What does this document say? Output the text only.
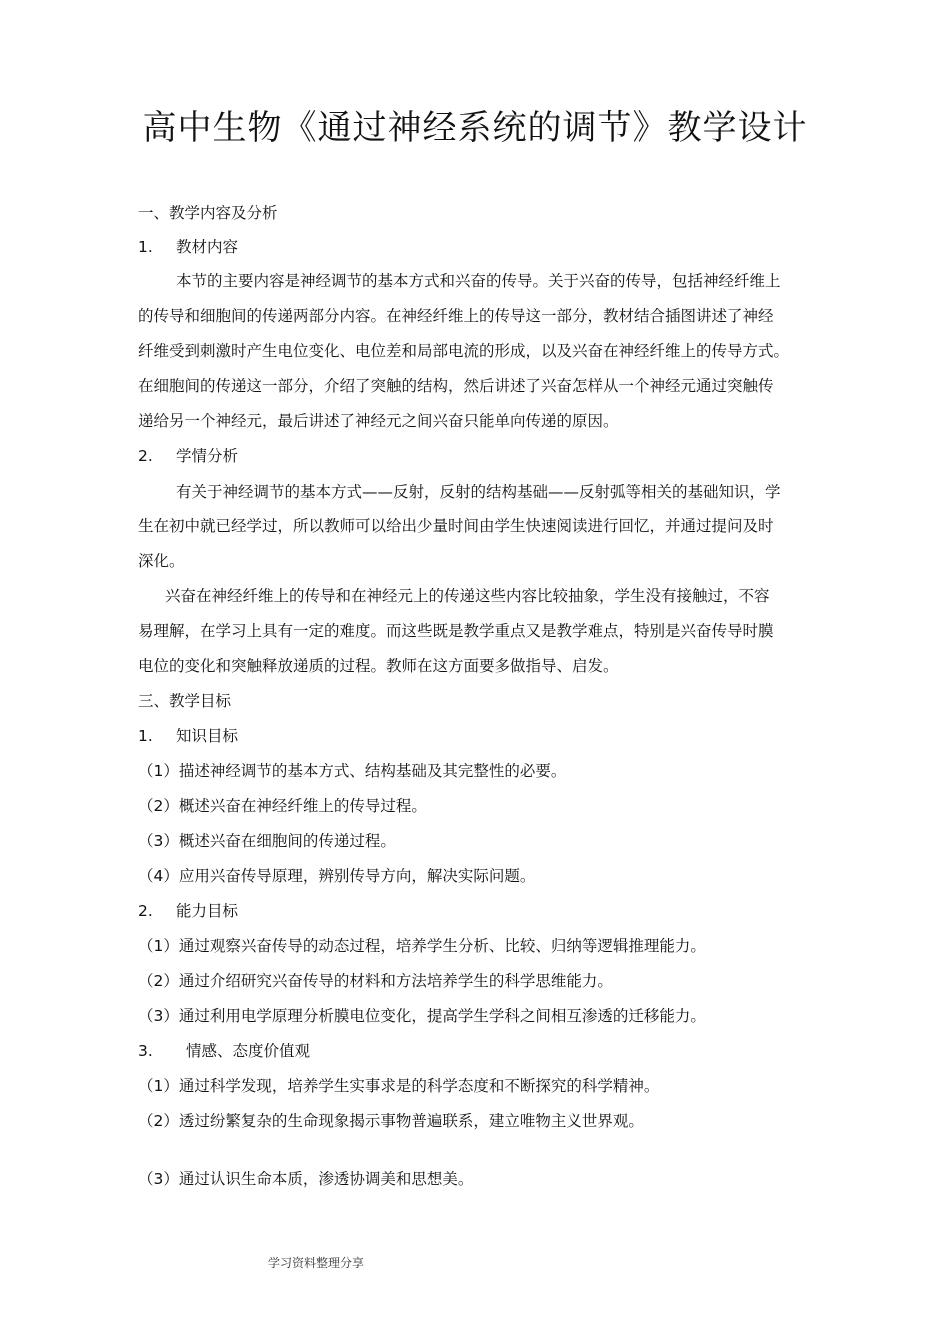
高中生物《通过神经系统的调节》教学设计
一、教学内容及分析
1. 教材内容
本节的主要内容是神经调节的基本方式和兴奋的传导。关于兴奋的传导，包括神经纤维上
的传导和细胞间的传递两部分内容。在神经纤维上的传导这一部分，教材结合插图讲述了神经
纤维受到刺激时产生电位变化、电位差和局部电流的形成，以及兴奋在神经纤维上的传导方式。
在细胞间的传递这一部分，介绍了突触的结构，然后讲述了兴奋怎样从一个神经元通过突触传
递给另一个神经元，最后讲述了神经元之间兴奋只能单向传递的原因。
2. 学情分析
有关于神经调节的基本方式——反射，反射的结构基础——反射弧等相关的基础知识，学
生在初中就已经学过，所以教师可以给出少量时间由学生快速阅读进行回忆，并通过提问及时
深化。
兴奋在神经纤维上的传导和在神经元上的传递这些内容比较抽象，学生没有接触过，不容
易理解，在学习上具有一定的难度。而这些既是教学重点又是教学难点，特别是兴奋传导时膜
电位的变化和突触释放递质的过程。教师在这方面要多做指导、启发。
三、教学目标
1. 知识目标
（1）描述神经调节的基本方式、结构基础及其完整性的必要。
（2）概述兴奋在神经纤维上的传导过程。
（3）概述兴奋在细胞间的传递过程。
（4）应用兴奋传导原理，辨别传导方向，解决实际问题。
2. 能力目标
（1）通过观察兴奋传导的动态过程，培养学生分析、比较、归纳等逻辑推理能力。
（2）通过介绍研究兴奋传导的材料和方法培养学生的科学思维能力。
（3）通过利用电学原理分析膜电位变化，提高学生学科之间相互渗透的迁移能力。
3. 情感、态度价值观
（1）通过科学发现，培养学生实事求是的科学态度和不断探究的科学精神。
（2）透过纷繁复杂的生命现象揭示事物普遍联系，建立唯物主义世界观。
（3）通过认识生命本质，渗透协调美和思想美。
学习资料整理分享
